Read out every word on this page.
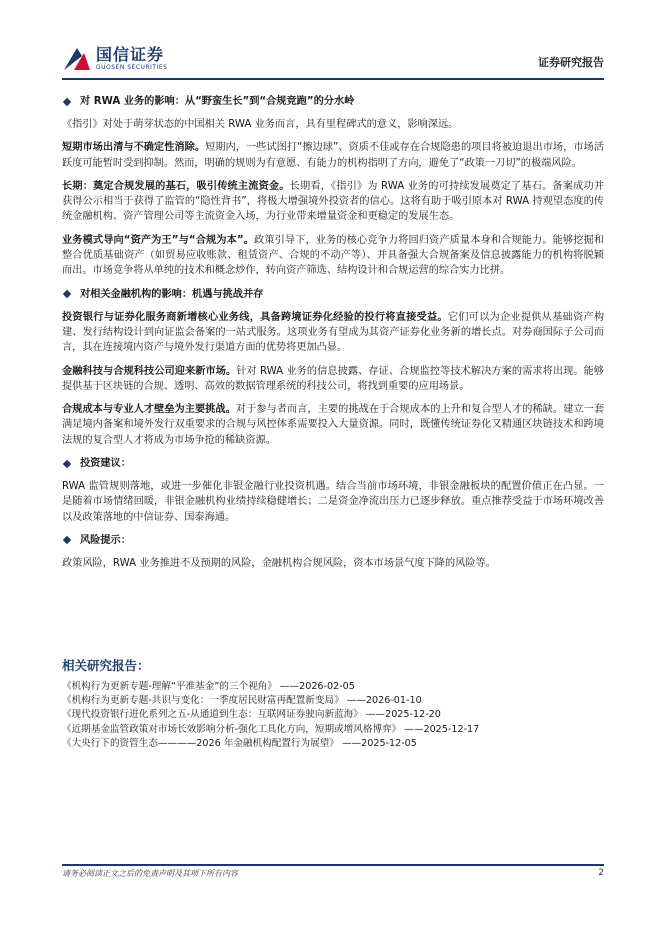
国信证券
GUOSEN SECURITIES	证券研究报告
对 RWA 业务的影响：从“野蛮生长”到“合规竞跑”的分水岭
《指引》对处于萌芽状态的中国相关 RWA 业务而言，具有里程碑式的意义，影响深远。
短期市场出清与不确定性消除。短期内，一些试图打“擦边球”、资质不佳或存在合规隐患的项目将被迫退出市场，市场活跃度可能暂时受到抑制。然而，明确的规则为有意愿、有能力的机构指明了方向，避免了“政策一刀切”的极端风险。
长期：奠定合规发展的基石，吸引传统主流资金。长期看，《指引》为 RWA 业务的可持续发展奠定了基石。备案成功并获得公示相当于获得了监管的“隐性背书”，将极大增强境外投资者的信心。这将有助于吸引原本对 RWA 持观望态度的传统金融机构、资产管理公司等主流资金入场，为行业带来增量资金和更稳定的发展生态。
业务模式导向“资产为王”与“合规为本”。政策引导下，业务的核心竞争力将回归资产质量本身和合规能力。能够挖掘和整合优质基础资产（如贸易应收账款、租赁资产、合规的不动产等）、并具备强大合规备案及信息披露能力的机构将脱颖而出。市场竞争将从单纯的技术和概念炒作，转向资产筛选、结构设计和合规运营的综合实力比拼。
对相关金融机构的影响：机遇与挑战并存
投资银行与证券化服务商新增核心业务线，具备跨境证券化经验的投行将直接受益。它们可以为企业提供从基础资产构建、发行结构设计到向证监会备案的一站式服务。这项业务有望成为其资产证券化业务新的增长点。对券商国际子公司而言，其在连接境内资产与境外发行渠道方面的优势将更加凸显。
金融科技与合规科技公司迎来新市场。针对 RWA 业务的信息披露、存证、合规监控等技术解决方案的需求将出现。能够提供基于区块链的合规、透明、高效的数据管理系统的科技公司，将找到重要的应用场景。
合规成本与专业人才壁垒为主要挑战。对于参与者而言，主要的挑战在于合规成本的上升和复合型人才的稀缺。建立一套满足境内备案和境外发行双重要求的合规与风控体系需要投入大量资源。同时，既懂传统证券化又精通区块链技术和跨境法规的复合型人才将成为市场争抢的稀缺资源。
投资建议：
RWA 监管规则落地，或进一步催化非银金融行业投资机遇。结合当前市场环境，非银金融板块的配置价值正在凸显。一是随着市场情绪回暖，非银金融机构业绩持续稳健增长；二是资金净流出压力已逐步释放。重点推荐受益于市场环境改善以及政策落地的中信证券、国泰海通。
风险提示：
政策风险，RWA 业务推进不及预期的风险，金融机构合规风险，资本市场景气度下降的风险等。
相关研究报告：
《机构行为更新专题-理解“平准基金”的三个视角》 ——2026-02-05
《机构行为更新专题-共识与变化：一季度居民财富再配置新变局》 ——2026-01-10
《现代投资银行进化系列之五-从通道到生态：互联网证券驶向新蓝海》 ——2025-12-20
《近期基金监管政策对市场长效影响分析-强化工具化方向，短期或增风格博弈》 ——2025-12-17
《大央行下的资管生态————2026 年金融机构配置行为展望》 ——2025-12-05
请务必阅读正文之后的免责声明及其项下所有内容	2
